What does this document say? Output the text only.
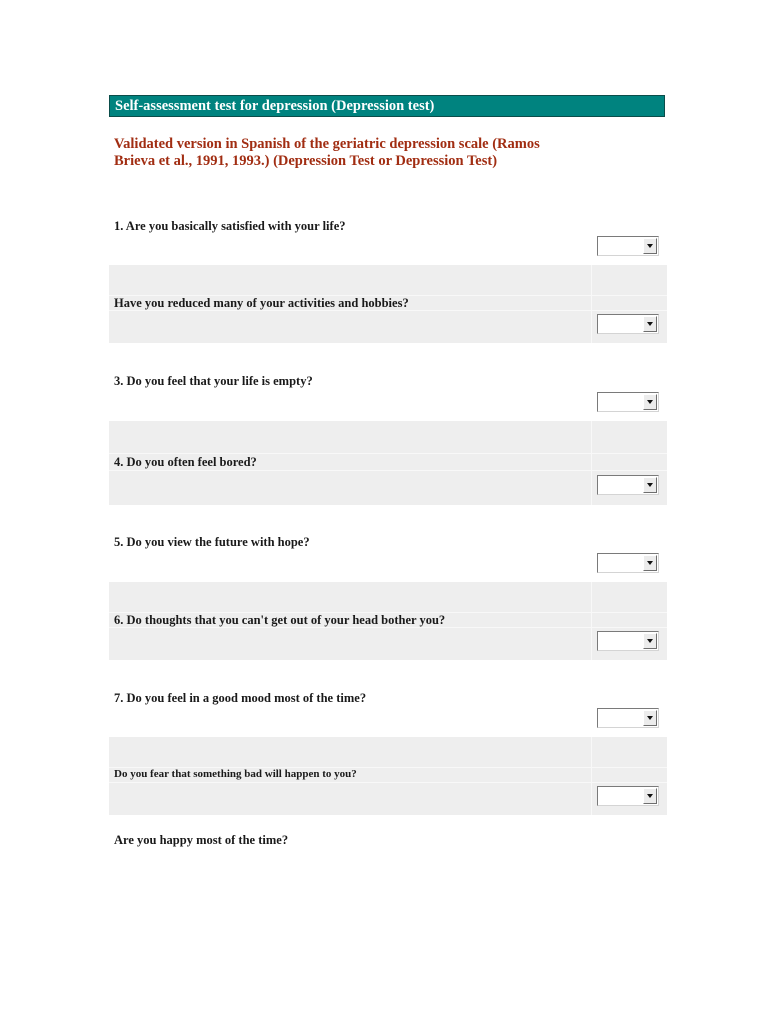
Self-assessment test for depression (Depression test)
Validated version in Spanish of the geriatric depression scale (Ramos Brieva et al., 1991, 1993.) (Depression Test or Depression Test)
1. Are you basically satisfied with your life?
Have you reduced many of your activities and hobbies?
3. Do you feel that your life is empty?
4. Do you often feel bored?
5. Do you view the future with hope?
6. Do thoughts that you can't get out of your head bother you?
7. Do you feel in a good mood most of the time?
Do you fear that something bad will happen to you?
Are you happy most of the time?
